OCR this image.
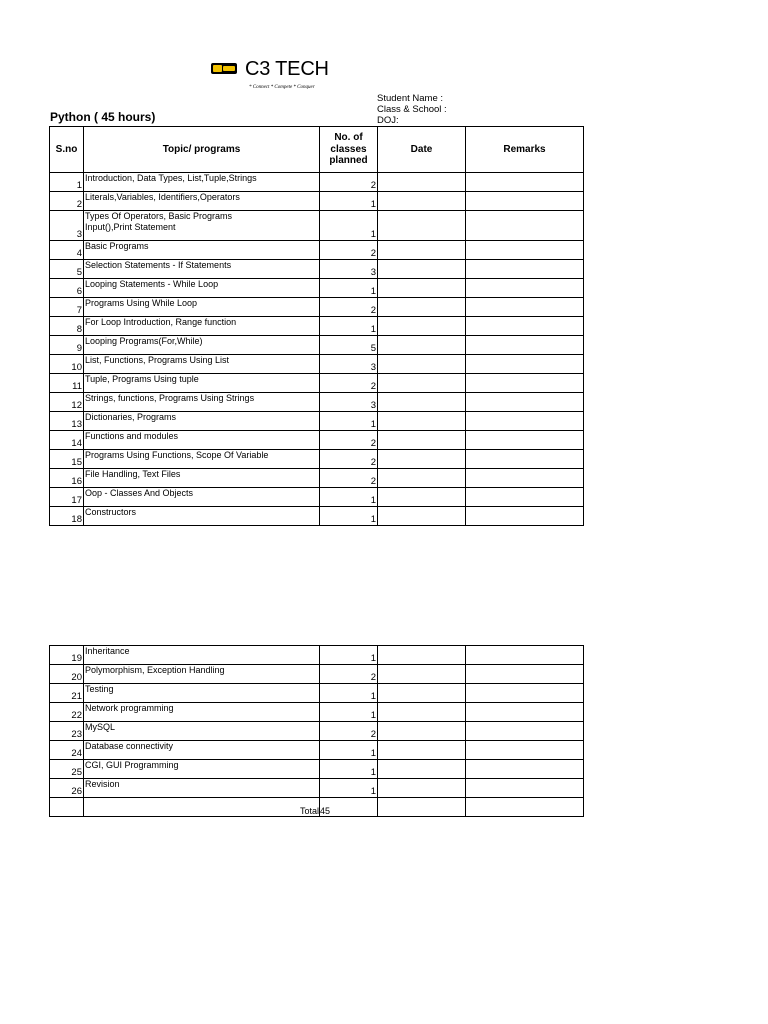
C3 TECH
* Connect * Compete * Conquer
Student Name :
Class & School :
DOJ:
Python ( 45 hours)
S.no	Topic/ programs	No. of classes planned	Date	Remarks
1	Introduction, Data Types, List,Tuple,Strings	2		
2	Literals,Variables, Identifiers,Operators	1		
3	Types Of Operators, Basic Programs
Input(),Print Statement	1		
4	Basic Programs	2		
5	Selection Statements - If Statements	3		
6	Looping Statements - While Loop	1		
7	Programs Using While Loop	2		
8	For Loop Introduction, Range function	1		
9	Looping Programs(For,While)	5		
10	List, Functions, Programs Using List	3		
11	Tuple, Programs Using tuple	2		
12	Strings, functions, Programs Using Strings	3		
13	Dictionaries, Programs	1		
14	Functions and modules	2		
15	Programs Using Functions, Scope Of Variable	2		
16	File Handling, Text Files	2		
17	Oop - Classes And Objects	1		
18	Constructors	1		
19	Inheritance	1		
20	Polymorphism, Exception Handling	2		
21	Testing	1		
22	Network programming	1		
23	MySQL	2		
24	Database connectivity	1		
25	CGI, GUI Programming	1		
26	Revision	1		
	Total	45		
